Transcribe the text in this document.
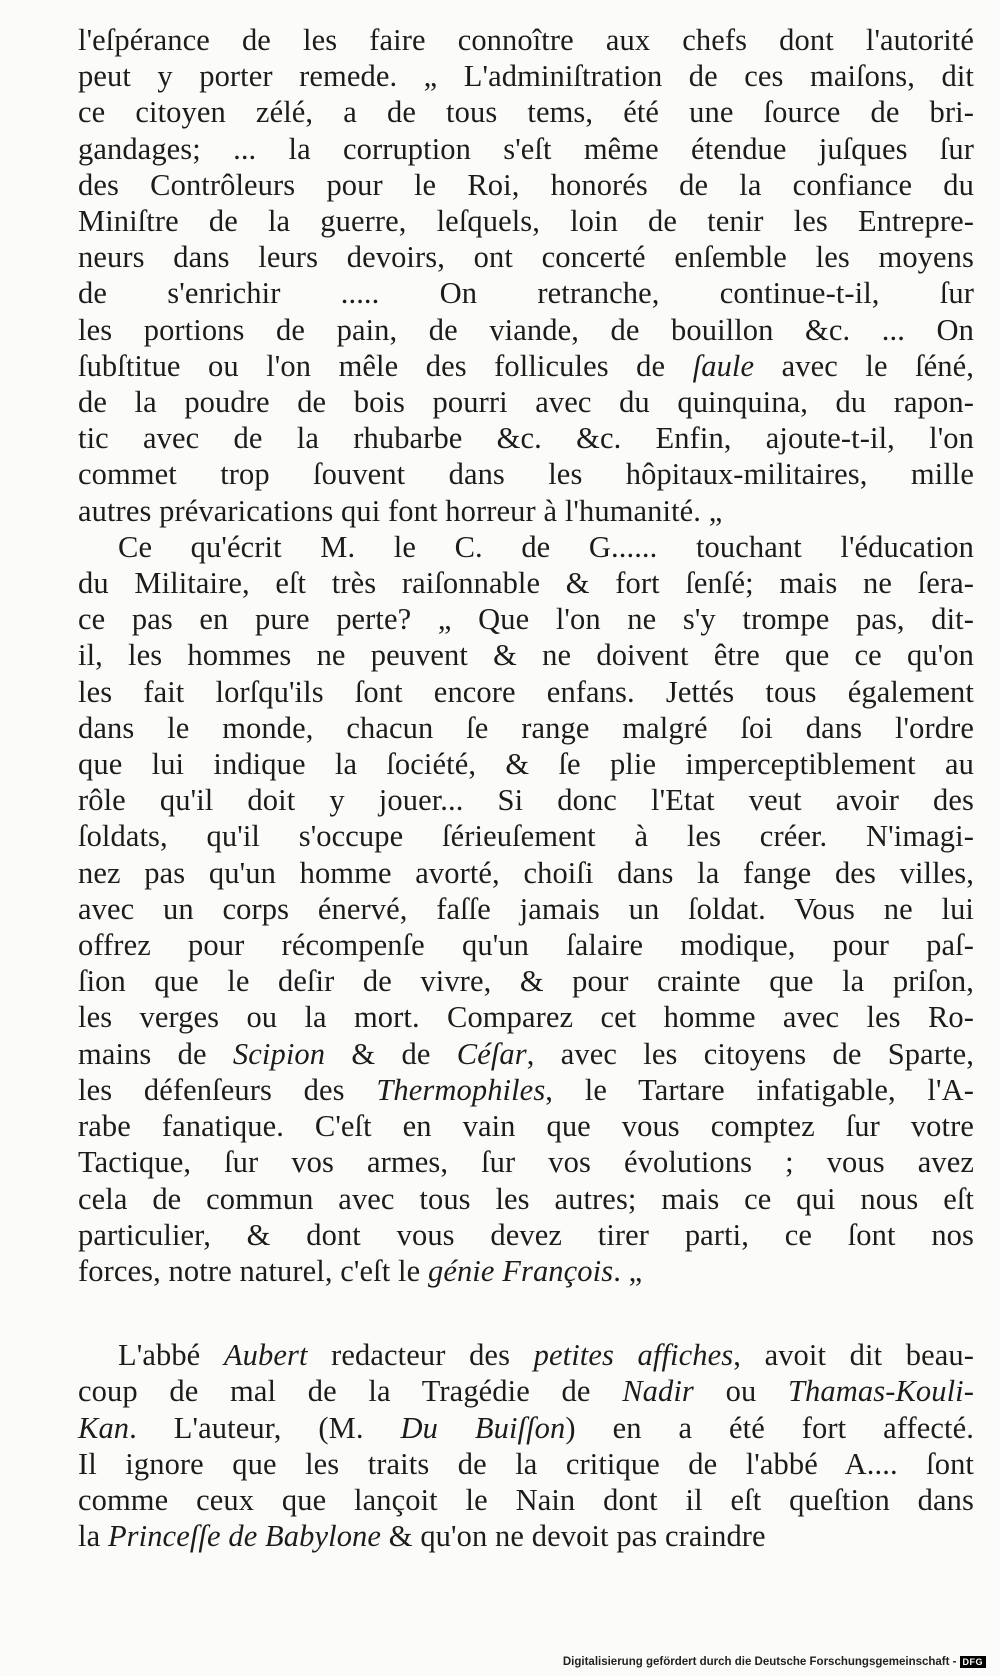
l'eſpérance de les faire connoître aux chefs dont l'autorité
peut y porter remede. „ L'adminiſtration de ces maiſons, dit
ce citoyen zélé, a de tous tems, été une ſource de bri-
gandages; ... la corruption s'eſt même étendue juſques ſur
des Contrôleurs pour le Roi, honorés de la confiance du
Miniſtre de la guerre, leſquels, loin de tenir les Entrepre-
neurs dans leurs devoirs, ont concerté enſemble les moyens
de s'enrichir ..... On retranche, continue-t-il, ſur
les portions de pain, de viande, de bouillon &c. ... On
ſubſtitue ou l'on mêle des follicules de ſaule avec le ſéné,
de la poudre de bois pourri avec du quinquina, du rapon-
tic avec de la rhubarbe &c. &c. Enfin, ajoute-t-il, l'on
commet trop ſouvent dans les hôpitaux-militaires, mille
autres prévarications qui font horreur à l'humanité. „
Ce qu'écrit M. le C. de G...... touchant l'éducation
du Militaire, eſt très raiſonnable & fort ſenſé; mais ne ſera-
ce pas en pure perte? „ Que l'on ne s'y trompe pas, dit-
il, les hommes ne peuvent & ne doivent être que ce qu'on
les fait lorſqu'ils ſont encore enfans. Jettés tous également
dans le monde, chacun ſe range malgré ſoi dans l'ordre
que lui indique la ſociété, & ſe plie imperceptiblement au
rôle qu'il doit y jouer... Si donc l'Etat veut avoir des
ſoldats, qu'il s'occupe ſérieuſement à les créer. N'imagi-
nez pas qu'un homme avorté, choiſi dans la fange des villes,
avec un corps énervé, faſſe jamais un ſoldat. Vous ne lui
offrez pour récompenſe qu'un ſalaire modique, pour paſ-
ſion que le deſir de vivre, & pour crainte que la priſon,
les verges ou la mort. Comparez cet homme avec les Ro-
mains de Scipion & de Céſar, avec les citoyens de Sparte,
les défenſeurs des Thermophiles, le Tartare infatigable, l'A-
rabe fanatique. C'eſt en vain que vous comptez ſur votre
Tactique, ſur vos armes, ſur vos évolutions ; vous avez
cela de commun avec tous les autres; mais ce qui nous eſt
particulier, & dont vous devez tirer parti, ce ſont nos
forces, notre naturel, c'eſt le génie François. „
L'abbé Aubert redacteur des petites affiches, avoit dit beau-
coup de mal de la Tragédie de Nadir ou Thamas-Kouli-
Kan. L'auteur, (M. Du Buiſſon) en a été fort affecté.
Il ignore que les traits de la critique de l'abbé A.... ſont
comme ceux que lançoit le Nain dont il eſt queſtion dans
la Princeſſe de Babylone & qu'on ne devoit pas craindre
Digitalisierung gefördert durch die Deutsche Forschungsgemeinschaft - DFG
